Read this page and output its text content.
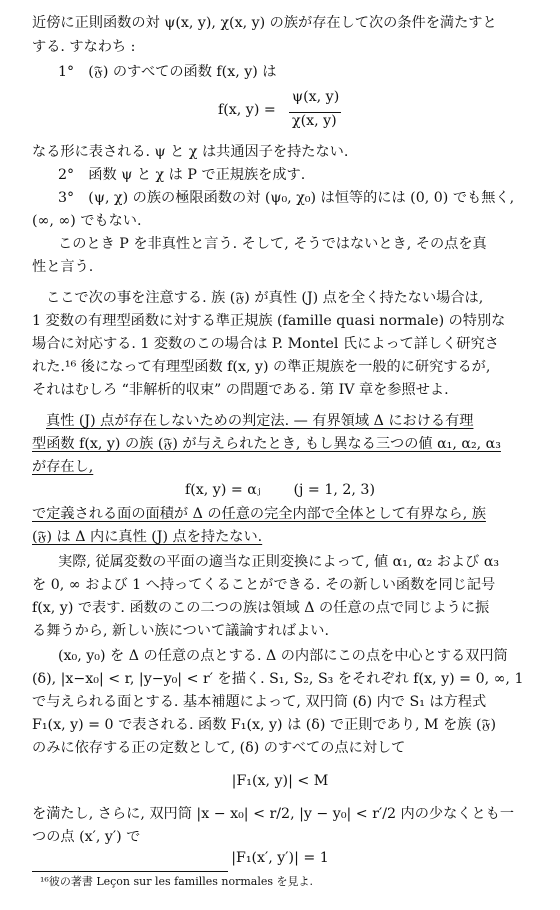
近傍に正則函数の対 ψ(x, y), χ(x, y) の族が存在して次の条件を満たすと
する. すなわち :
1°　(𝔉) のすべての函数 f(x, y) は
f(x, y) =
ψ(x, y)
χ(x, y)
なる形に表される. ψ と χ は共通因子を持たない.
2°　函数 ψ と χ は P で正規族を成す.
3°　(ψ, χ) の族の極限函数の対 (ψ₀, χ₀) は恒等的には (0, 0) でも無く,
(∞, ∞) でもない.
このとき P を非真性と言う. そして, そうではないとき, その点を真
性と言う.
ここで次の事を注意する. 族 (𝔉) が真性 (J) 点を全く持たない場合は,
1 変数の有理型函数に対する準正規族 (famille quasi normale) の特別な
場合に対応する. 1 変数のこの場合は P. Montel 氏によって詳しく研究さ
れた.¹⁶ 後になって有理型函数 f(x, y) の準正規族を一般的に研究するが,
それはむしろ “非解析的収束” の問題である. 第 IV 章を参照せよ.
真性 (J) 点が存在しないための判定法. — 有界領域 Δ における有理
型函数 f(x, y) の族 (𝔉) が与えられたとき, もし異なる三つの値 α₁, α₂, α₃
が存在し,
f(x, y) = αⱼ　　 (j = 1, 2, 3)
で定義される面の面積が Δ の任意の完全内部で全体として有界なら, 族
(𝔉) は Δ 内に真性 (J) 点を持たない.
実際, 従属変数の平面の適当な正則変換によって, 値 α₁, α₂ および α₃
を 0, ∞ および 1 へ持ってくることができる. その新しい函数を同じ記号
f(x, y) で表す. 函数のこの二つの族は領域 Δ の任意の点で同じように振
る舞うから, 新しい族について議論すればよい.
(x₀, y₀) を Δ の任意の点とする. Δ の内部にこの点を中心とする双円筒
(δ), |x−x₀| < r, |y−y₀| < r′ を描く. S₁, S₂, S₃ をそれぞれ f(x, y) = 0, ∞, 1
で与えられる面とする. 基本補題によって, 双円筒 (δ) 内で S₁ は方程式
F₁(x, y) = 0 で表される. 函数 F₁(x, y) は (δ) で正則であり, M を族 (𝔉)
のみに依存する正の定数として, (δ) のすべての点に対して
|F₁(x, y)| < M
を満たし, さらに, 双円筒 |x − x₀| < r/2, |y − y₀| < r′/2 内の少なくとも一
つの点 (x′, y′) で
|F₁(x′, y′)| = 1
¹⁶彼の著書 Leçon sur les familles normales を見よ.
